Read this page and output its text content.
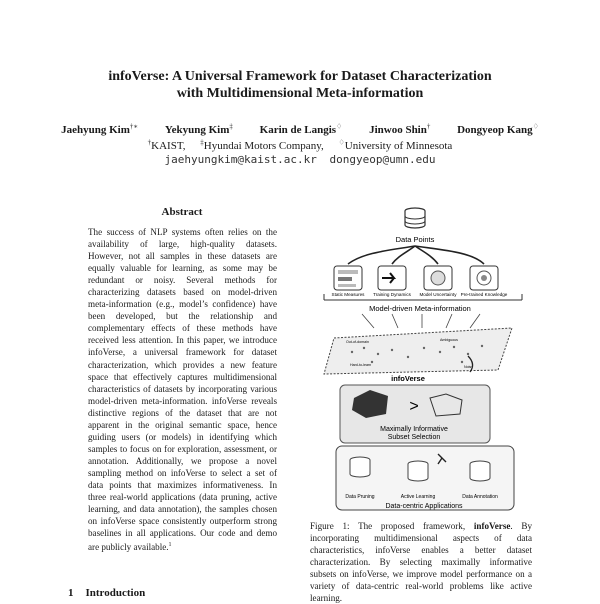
infoVerse: A Universal Framework for Dataset Characterization
with Multidimensional Meta-information
Jaehyung Kim†∗ Yekyung Kim‡ Karin de Langis♢ Jinwoo Shin† Dongyeop Kang♢
†KAIST, ‡Hyundai Motors Company, ♢University of Minnesota
jaehyungkim@kaist.ac.kr dongyeop@umn.edu
Abstract
The success of NLP systems often relies on the availability of large, high-quality datasets. However, not all samples in these datasets are equally valuable for learning, as some may be redundant or noisy. Several methods for characterizing datasets based on model-driven meta-information (e.g., model’s confidence) have been developed, but the relationship and complementary effects of these methods have received less attention. In this paper, we introduce infoVerse, a universal framework for dataset characterization, which provides a new feature space that effectively captures multidimensional characteristics of datasets by incorporating various model-driven meta-information. infoVerse reveals distinctive regions of the dataset that are not apparent in the original semantic space, hence guiding users (or models) in identifying which samples to focus on for exploration, assessment, or annotation. Additionally, we propose a novel sampling method on infoVerse to select a set of data points that maximizes informativeness. In three real-world applications (data pruning, active learning, and data annotation), the samples chosen on infoVerse space consistently outperform strong baselines in all applications. Our code and demo are publicly available.$^1$
Data Points
Static Measures Training Dynamics Model Uncertainty Pre-trained Knowledge
Model-driven Meta-information
Out-of-domain	Ambiguous
Hard-to-learn	Noisy
infoVerse
>
Maximally Informative
Subset Selection
Data Pruning	Active Learning	Data Annotation
Data-centric Applications
Figure 1: The proposed framework, infoVerse. By incorporating multidimensional aspects of data characteristics, infoVerse enables a better dataset characterization. By selecting maximally informative subsets on infoVerse, we improve model performance on a variety of data-centric real-world problems like active learning.
1 Introduction
